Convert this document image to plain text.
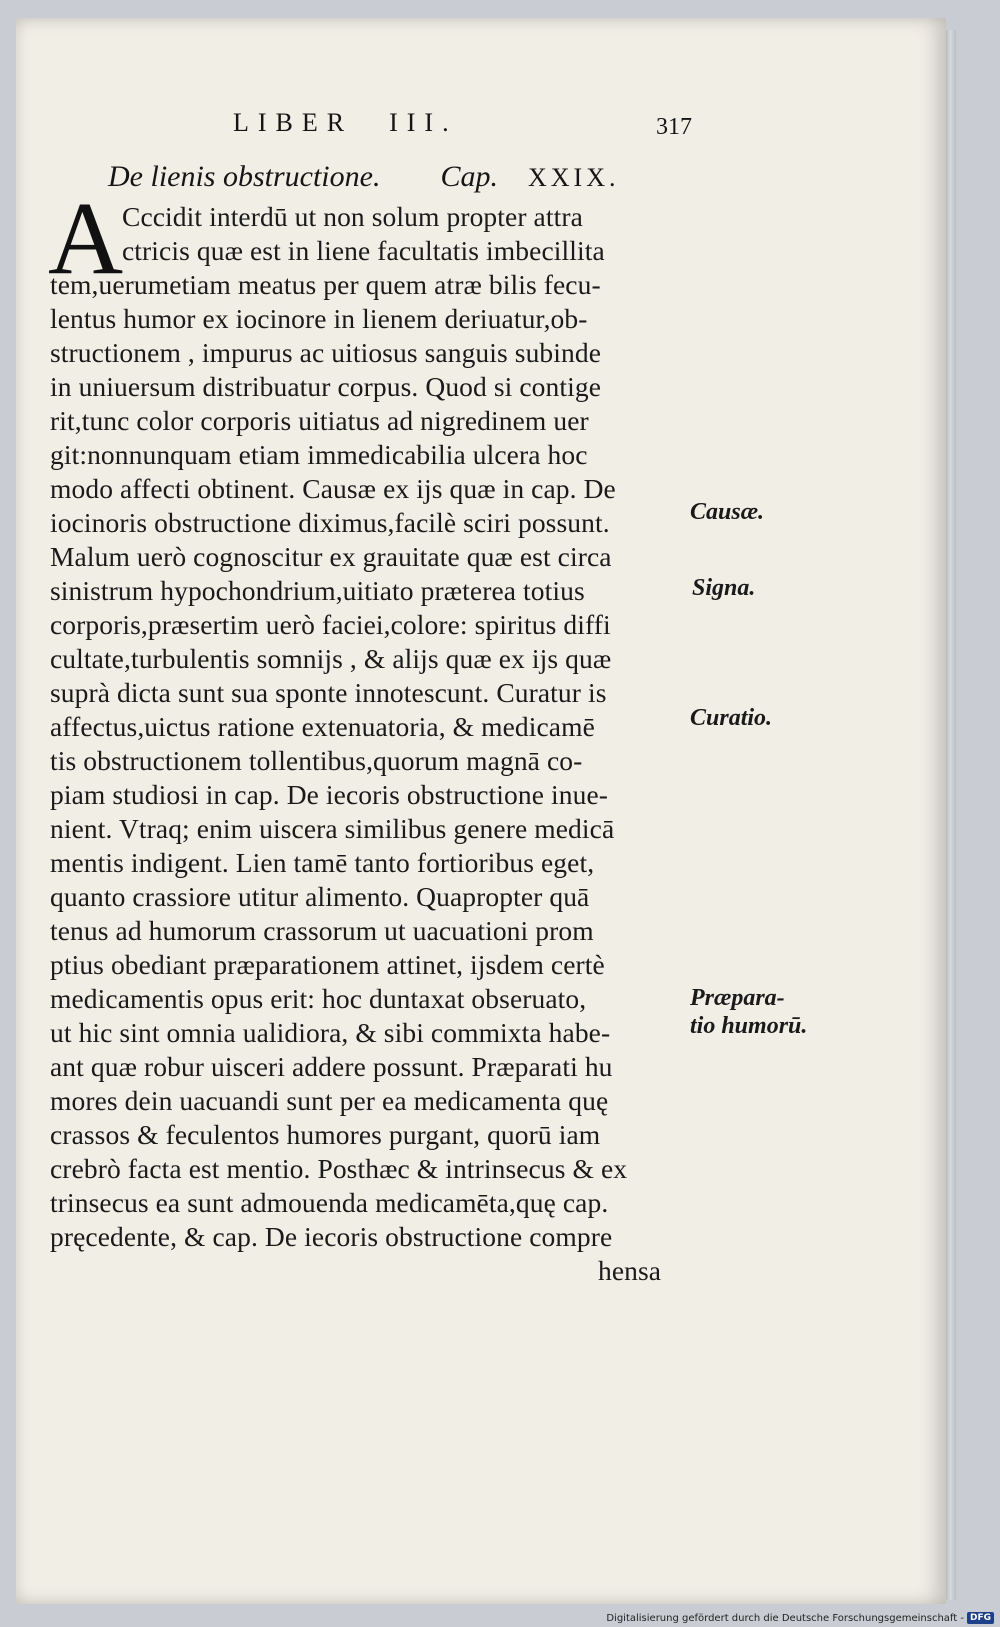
LIBER III.	317
De lienis obstructione. Cap. XXIX.
A
Cccidit interdū ut non solum propter attra
ctricis quæ est in liene facultatis imbecillita
tem,uerumetiam meatus per quem atræ bilis fecu-
lentus humor ex iocinore in lienem deriuatur,ob-
structionem , impurus ac uitiosus sanguis subinde
in uniuersum distribuatur corpus. Quod si contige
rit,tunc color corporis uitiatus ad nigredinem uer
git:nonnunquam etiam immedicabilia ulcera hoc
modo affecti obtinent. Causæ ex ijs quæ in cap. De
iocinoris obstructione diximus,facilè sciri possunt.
Malum uerò cognoscitur ex grauitate quæ est circa
sinistrum hypochondrium,uitiato præterea totius
corporis,præsertim uerò faciei,colore: spiritus diffi
cultate,turbulentis somnijs , & alijs quæ ex ijs quæ
suprà dicta sunt sua sponte innotescunt. Curatur is
affectus,uictus ratione extenuatoria, & medicamē
tis obstructionem tollentibus,quorum magnā co-
piam studiosi in cap. De iecoris obstructione inue-
nient. Vtraq; enim uiscera similibus genere medicā
mentis indigent. Lien tamē tanto fortioribus eget,
quanto crassiore utitur alimento. Quapropter quā
tenus ad humorum crassorum ut uacuationi prom
ptius obediant præparationem attinet, ijsdem certè
medicamentis opus erit: hoc duntaxat obseruato,
ut hic sint omnia ualidiora, & sibi commixta habe-
ant quæ robur uisceri addere possunt. Præparati hu
mores dein uacuandi sunt per ea medicamenta quę
crassos & feculentos humores purgant, quorū iam
crebrò facta est mentio. Posthæc & intrinsecus & ex
trinsecus ea sunt admouenda medicamēta,quę cap.
pręcedente, & cap. De iecoris obstructione compre
hensa
Causæ.
Signa.
Curatio.
Præpara-
tio humorū.
Digitalisierung gefördert durch die Deutsche Forschungsgemeinschaft - DFG
